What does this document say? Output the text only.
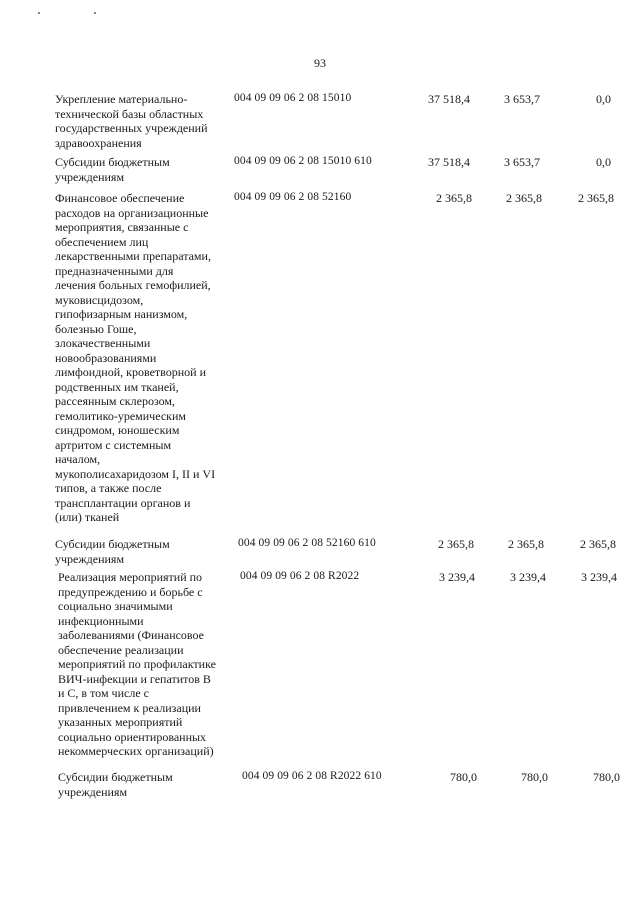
93
Укрепление материально-
технической базы областных
государственных учреждений
здравоохранения
004 09 09 06 2 08 15010	37 518,4	3 653,7	0,0
Субсидии бюджетным
учреждениям
004 09 09 06 2 08 15010 610	37 518,4	3 653,7	0,0
Финансовое обеспечение
расходов на организационные
мероприятия, связанные с
обеспечением лиц
лекарственными препаратами,
предназначенными для
лечения больных гемофилией,
муковисцидозом,
гипофизарным нанизмом,
болезнью Гоше,
злокачественными
новообразованиями
лимфоидной, кроветворной и
родственных им тканей,
рассеянным склерозом,
гемолитико-уремическим
синдромом, юношеским
артритом с системным
началом,
мукополисахаридозом I, II и VI
типов, а также после
трансплантации органов и
(или) тканей
004 09 09 06 2 08 52160	2 365,8	2 365,8	2 365,8
Субсидии бюджетным
учреждениям
004 09 09 06 2 08 52160 610	2 365,8	2 365,8	2 365,8
Реализация мероприятий по
предупреждению и борьбе с
социально значимыми
инфекционными
заболеваниями (Финансовое
обеспечение реализации
мероприятий по профилактике
ВИЧ-инфекции и гепатитов В
и С, в том числе с
привлечением к реализации
указанных мероприятий
социально ориентированных
некоммерческих организаций)
004 09 09 06 2 08 R2022	3 239,4	3 239,4	3 239,4
Субсидии бюджетным
учреждениям
004 09 09 06 2 08 R2022 610	780,0	780,0	780,0
